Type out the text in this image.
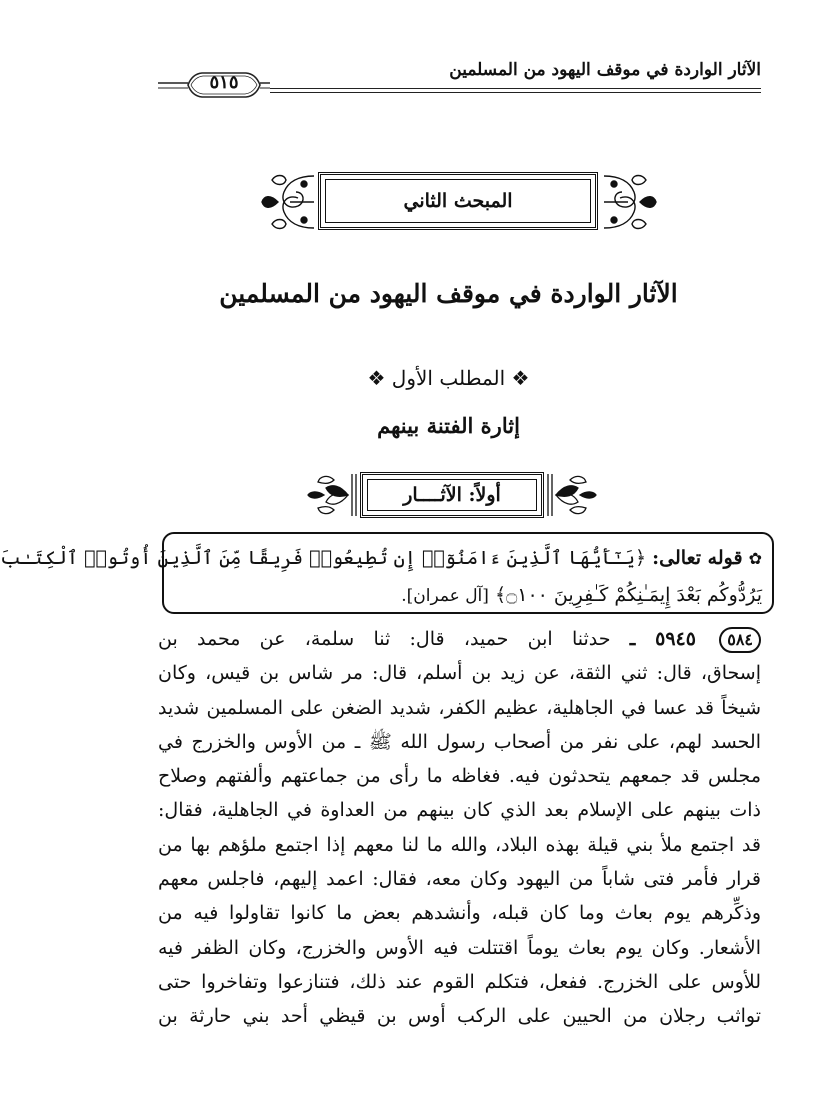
الآثار الواردة في موقف اليهود من المسلمين
٥١٥
المبحث الثاني
الآثار الواردة في موقف اليهود من المسلمين
❖ المطلب الأول ❖
إثارة الفتنة بينهم
أولاً: الآثــــار
✿ قوله تعالى: ﴿يَـٰٓأَيُّهَا ٱلَّذِينَ ءَامَنُوٓا۟ إِن تُطِيعُوا۟ فَرِيقًا مِّنَ ٱلَّذِينَ أُوتُوا۟ ٱلْكِتَـٰبَ
يَرُدُّوكُم بَعْدَ إِيمَـٰنِكُمْ كَـٰفِرِينَ ۝١٠٠﴾ [آل عمران].
٥٨٤ ٥٩٤٥ ـ حدثنا ابن حميد، قال: ثنا سلمة، عن محمد بن
إسحاق، قال: ثني الثقة، عن زيد بن أسلم، قال: مر شاس بن قيس، وكان
شيخاً قد عسا في الجاهلية، عظيم الكفر، شديد الضغن على المسلمين شديد
الحسد لهم، على نفر من أصحاب رسول الله ﷺ ـ من الأوس والخزرج في
مجلس قد جمعهم يتحدثون فيه. فغاظه ما رأى من جماعتهم وألفتهم وصلاح
ذات بينهم على الإسلام بعد الذي كان بينهم من العداوة في الجاهلية، فقال:
قد اجتمع ملأ بني قيلة بهذه البلاد، والله ما لنا معهم إذا اجتمع ملؤهم بها من
قرار فأمر فتى شاباً من اليهود وكان معه، فقال: اعمد إليهم، فاجلس معهم
وذكِّرهم يوم بعاث وما كان قبله، وأنشدهم بعض ما كانوا تقاولوا فيه من
الأشعار. وكان يوم بعاث يوماً اقتتلت فيه الأوس والخزرج، وكان الظفر فيه
للأوس على الخزرج. ففعل، فتكلم القوم عند ذلك، فتنازعوا وتفاخروا حتى
تواثب رجلان من الحيين على الركب أوس بن قيظي أحد بني حارثة بن
